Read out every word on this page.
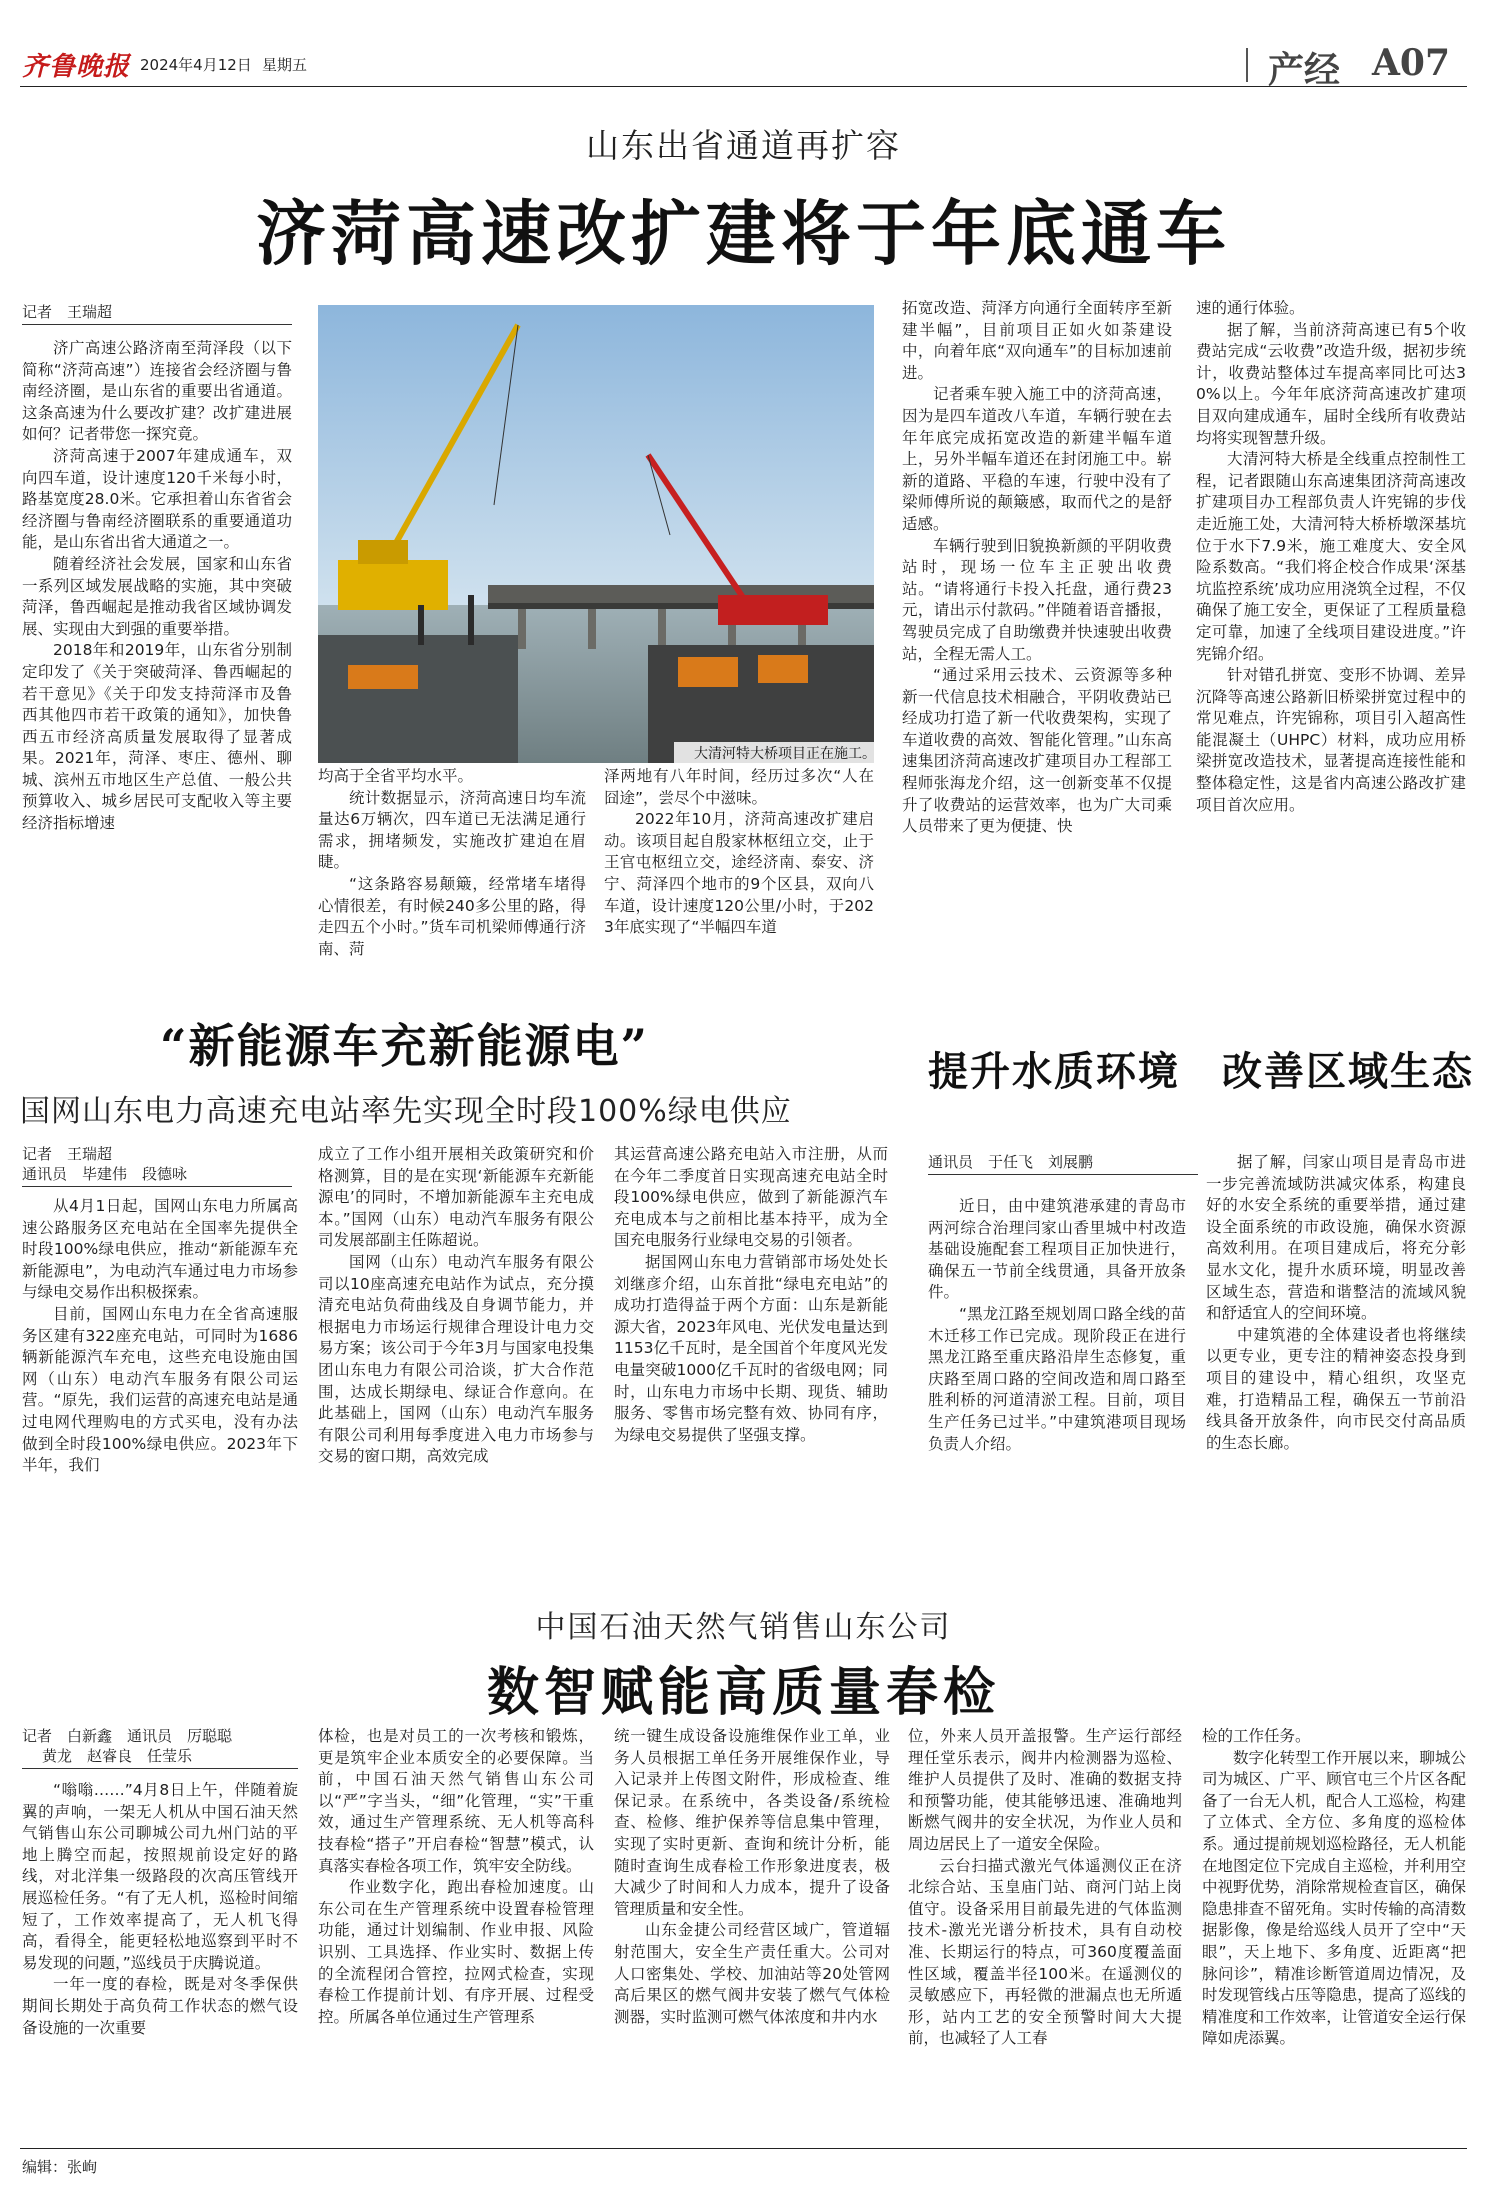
齐鲁晚报 2024年4月12日 星期五	产经 A07
山东出省通道再扩容
济菏高速改扩建将于年底通车
记者　王瑞超

济广高速公路济南至菏泽段（以下简称“济菏高速”）连接省会经济圈与鲁南经济圈，是山东省的重要出省通道。这条高速为什么要改扩建？改扩建进展如何？记者带您一探究竟。

济菏高速于2007年建成通车，双向四车道，设计速度120千米每小时，路基宽度28.0米。它承担着山东省省会经济圈与鲁南经济圈联系的重要通道功能，是山东省出省大通道之一。

随着经济社会发展，国家和山东省一系列区域发展战略的实施，其中突破菏泽，鲁西崛起是推动我省区域协调发展、实现由大到强的重要举措。

2018年和2019年，山东省分别制定印发了《关于突破菏泽、鲁西崛起的若干意见》《关于印发支持菏泽市及鲁西其他四市若干政策的通知》，加快鲁西五市经济高质量发展取得了显著成果。2021年，菏泽、枣庄、德州、聊城、滨州五市地区生产总值、一般公共预算收入、城乡居民可支配收入等主要经济指标增速

大清河特大桥项目正在施工。

均高于全省平均水平。

统计数据显示，济菏高速日均车流量达6万辆次，四车道已无法满足通行需求，拥堵频发，实施改扩建迫在眉睫。

“这条路容易颠簸，经常堵车堵得心情很差，有时候240多公里的路，得走四五个小时。”货车司机梁师傅通行济南、菏

泽两地有八年时间，经历过多次“人在囧途”，尝尽个中滋味。

2022年10月，济菏高速改扩建启动。该项目起自殷家林枢纽立交，止于王官屯枢纽立交，途经济南、泰安、济宁、菏泽四个地市的9个区县，双向八车道，设计速度120公里/小时，于2023年底实现了“半幅四车道

拓宽改造、菏泽方向通行全面转序至新建半幅”，目前项目正如火如荼建设中，向着年底“双向通车”的目标加速前进。

记者乘车驶入施工中的济菏高速，因为是四车道改八车道，车辆行驶在去年年底完成拓宽改造的新建半幅车道上，另外半幅车道还在封闭施工中。崭新的道路、平稳的车速，行驶中没有了梁师傅所说的颠簸感，取而代之的是舒适感。

车辆行驶到旧貌换新颜的平阴收费站时，现场一位车主正驶出收费站。“请将通行卡投入托盘，通行费23元，请出示付款码。”伴随着语音播报，驾驶员完成了自助缴费并快速驶出收费站，全程无需人工。

“通过采用云技术、云资源等多种新一代信息技术相融合，平阴收费站已经成功打造了新一代收费架构，实现了车道收费的高效、智能化管理。”山东高速集团济菏高速改扩建项目办工程部工程师张海龙介绍，这一创新变革不仅提升了收费站的运营效率，也为广大司乘人员带来了更为便捷、快

速的通行体验。

据了解，当前济菏高速已有5个收费站完成“云收费”改造升级，据初步统计，收费站整体过车提高率同比可达30%以上。今年年底济菏高速改扩建项目双向建成通车，届时全线所有收费站均将实现智慧升级。

大清河特大桥是全线重点控制性工程，记者跟随山东高速集团济菏高速改扩建项目办工程部负责人许宪锦的步伐走近施工处，大清河特大桥桥墩深基坑位于水下7.9米，施工难度大、安全风险系数高。“我们将企校合作成果‘深基坑监控系统’成功应用浇筑全过程，不仅确保了施工安全，更保证了工程质量稳定可靠，加速了全线项目建设进度。”许宪锦介绍。

针对错孔拼宽、变形不协调、差异沉降等高速公路新旧桥梁拼宽过程中的常见难点，许宪锦称，项目引入超高性能混凝土（UHPC）材料，成功应用桥梁拼宽改造技术，显著提高连接性能和整体稳定性，这是省内高速公路改扩建项目首次应用。

“新能源车充新能源电”
国网山东电力高速充电站率先实现全时段100%绿电供应
记者　王瑞超
通讯员　毕建伟　段德咏

从4月1日起，国网山东电力所属高速公路服务区充电站在全国率先提供全时段100%绿电供应，推动“新能源车充新能源电”，为电动汽车通过电力市场参与绿电交易作出积极探索。

目前，国网山东电力在全省高速服务区建有322座充电站，可同时为1686辆新能源汽车充电，这些充电设施由国网（山东）电动汽车服务有限公司运营。“原先，我们运营的高速充电站是通过电网代理购电的方式买电，没有办法做到全时段100%绿电供应。2023年下半年，我们

成立了工作小组开展相关政策研究和价格测算，目的是在实现‘新能源车充新能源电’的同时，不增加新能源车主充电成本。”国网（山东）电动汽车服务有限公司发展部副主任陈超说。

国网（山东）电动汽车服务有限公司以10座高速充电站作为试点，充分摸清充电站负荷曲线及自身调节能力，并根据电力市场运行规律合理设计电力交易方案；该公司于今年3月与国家电投集团山东电力有限公司洽谈，扩大合作范围，达成长期绿电、绿证合作意向。在此基础上，国网（山东）电动汽车服务有限公司利用每季度进入电力市场参与交易的窗口期，高效完成

其运营高速公路充电站入市注册，从而在今年二季度首日实现高速充电站全时段100%绿电供应，做到了新能源汽车充电成本与之前相比基本持平，成为全国充电服务行业绿电交易的引领者。

据国网山东电力营销部市场处处长刘继彦介绍，山东首批“绿电充电站”的成功打造得益于两个方面：山东是新能源大省，2023年风电、光伏发电量达到1153亿千瓦时，是全国首个年度风光发电量突破1000亿千瓦时的省级电网；同时，山东电力市场中长期、现货、辅助服务、零售市场完整有效、协同有序，为绿电交易提供了坚强支撑。

提升水质环境　改善区域生态
通讯员　于任飞　刘展鹏

近日，由中建筑港承建的青岛市两河综合治理闫家山香里城中村改造基础设施配套工程项目正加快进行，确保五一节前全线贯通，具备开放条件。

“黑龙江路至规划周口路全线的苗木迁移工作已完成。现阶段正在进行黑龙江路至重庆路沿岸生态修复，重庆路至周口路的空间改造和周口路至胜利桥的河道清淤工程。目前，项目生产任务已过半。”中建筑港项目现场负责人介绍。

据了解，闫家山项目是青岛市进一步完善流域防洪减灾体系，构建良好的水安全系统的重要举措，通过建设全面系统的市政设施，确保水资源高效利用。在项目建成后，将充分彰显水文化，提升水质环境，明显改善区域生态，营造和谐整洁的流域风貌和舒适宜人的空间环境。

中建筑港的全体建设者也将继续以更专业，更专注的精神姿态投身到项目的建设中，精心组织，攻坚克难，打造精品工程，确保五一节前沿线具备开放条件，向市民交付高品质的生态长廊。

中国石油天然气销售山东公司
数智赋能高质量春检
记者　白新鑫　通讯员　厉聪聪
黄龙　赵睿良　任莹乐

“嗡嗡……”4月8日上午，伴随着旋翼的声响，一架无人机从中国石油天然气销售山东公司聊城公司九州门站的平地上腾空而起，按照规前设定好的路线，对北洋集一级路段的次高压管线开展巡检任务。“有了无人机，巡检时间缩短了，工作效率提高了，无人机飞得高，看得全，能更轻松地巡察到平时不易发现的问题，”巡线员于庆腾说道。

一年一度的春检，既是对冬季保供期间长期处于高负荷工作状态的燃气设备设施的一次重要

体检，也是对员工的一次考核和锻炼，更是筑牢企业本质安全的必要保障。当前，中国石油天然气销售山东公司以“严”字当头，“细”化管理，“实”干重效，通过生产管理系统、无人机等高科技春检“搭子”开启春检“智慧”模式，认真落实春检各项工作，筑牢安全防线。

作业数字化，跑出春检加速度。山东公司在生产管理系统中设置春检管理功能，通过计划编制、作业申报、风险识别、工具选择、作业实时、数据上传的全流程闭合管控，拉网式检查，实现春检工作提前计划、有序开展、过程受控。所属各单位通过生产管理系

统一键生成设备设施维保作业工单，业务人员根据工单任务开展维保作业，导入记录并上传图文附件，形成检查、维保记录。在系统中，各类设备/系统检查、检修、维护保养等信息集中管理，实现了实时更新、查询和统计分析，能随时查询生成春检工作形象进度表，极大减少了时间和人力成本，提升了设备管理质量和安全性。

山东金捷公司经营区域广，管道辐射范围大，安全生产责任重大。公司对人口密集处、学校、加油站等20处管网高后果区的燃气阀井安装了燃气气体检测器，实时监测可燃气体浓度和井内水

位，外来人员开盖报警。生产运行部经理任堂乐表示，阀井内检测器为巡检、维护人员提供了及时、准确的数据支持和预警功能，使其能够迅速、准确地判断燃气阀井的安全状况，为作业人员和周边居民上了一道安全保险。

云台扫描式激光气体遥测仪正在济北综合站、玉皇庙门站、商河门站上岗值守。设备采用目前最先进的气体监测技术-激光光谱分析技术，具有自动校准、长期运行的特点，可360度覆盖面性区域，覆盖半径100米。在遥测仪的灵敏感应下，再轻微的泄漏点也无所遁形，站内工艺的安全预警时间大大提前，也减轻了人工春

检的工作任务。

数字化转型工作开展以来，聊城公司为城区、广平、顾官屯三个片区各配备了一台无人机，配合人工巡检，构建了立体式、全方位、多角度的巡检体系。通过提前规划巡检路径，无人机能在地图定位下完成自主巡检，并利用空中视野优势，消除常规检查盲区，确保隐患排查不留死角。实时传输的高清数据影像，像是给巡线人员开了空中“天眼”，天上地下、多角度、近距离“把脉问诊”，精准诊断管道周边情况，及时发现管线占压等隐患，提高了巡线的精准度和工作效率，让管道安全运行保障如虎添翼。

编辑：张峋
